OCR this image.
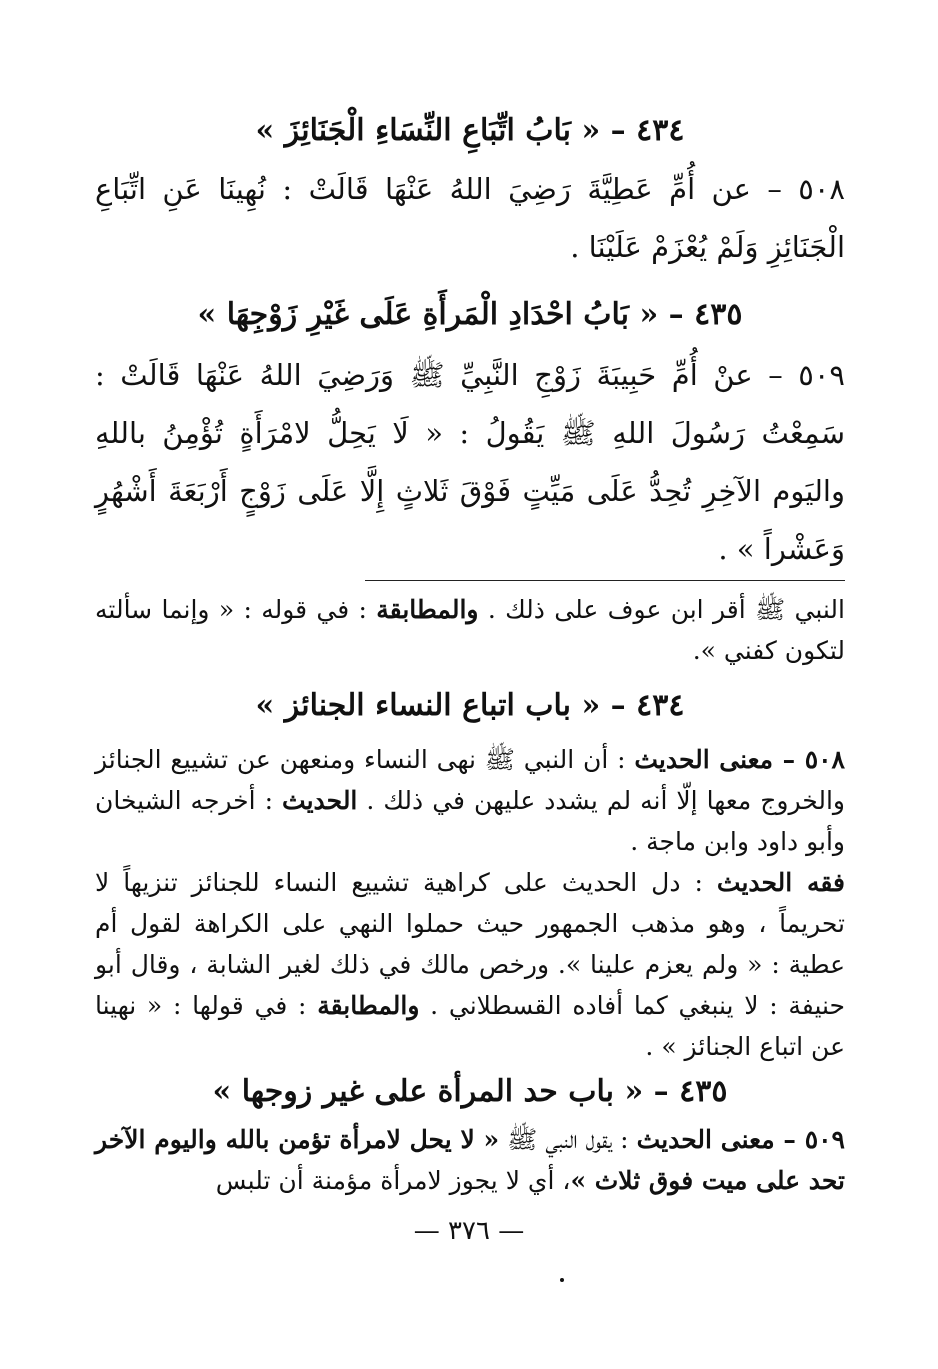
٤٣٤ – « بَابُ اتِّبَاعِ النِّسَاءِ الْجَنَائِزَ »

٥٠٨ – عن أُمِّ عَطِيَّةَ رَضِيَ اللهُ عَنْهَا قَالَتْ : نُهِينَا عَنِ اتِّبَاعِ الْجَنَائِزِ وَلَمْ يُعْزَمْ عَلَيْنَا .

٤٣٥ – « بَابُ احْدَادِ الْمَرأَةِ عَلَى غَيْرِ زَوْجِهَا »

٥٠٩ – عنْ أُمِّ حَبِيبَةَ زَوْجِ النَّبِيِّ ﷺ وَرَضِيَ اللهُ عَنْهَا قَالَتْ : سَمِعْتُ رَسُولَ اللهِ ﷺ يَقُولُ : « لَا يَحِلُّ لامْرَأَةٍ تُؤْمِنُ باللهِ واليَوم الآخِرِ تُحِدُّ عَلَى مَيِّتٍ فَوْقَ ثَلاثٍ إِلَّا عَلَى زَوْجٍ أَرْبَعَةَ أَشْهُرٍ وَعَشْراً » .

النبي ﷺ أقر ابن عوف على ذلك . والمطابقة : في قوله : « وإنما سألته لتكون كفني ».

٤٣٤ – « باب اتباع النساء الجنائز »

٥٠٨ – معنى الحديث : أن النبي ﷺ نهى النساء ومنعهن عن تشييع الجنائز والخروج معها إلّا أنه لم يشدد عليهن في ذلك . الحديث : أخرجه الشيخان وأبو داود وابن ماجة .

فقه الحديث : دل الحديث على كراهية تشييع النساء للجنائز تنزيهاً لا تحريماً ، وهو مذهب الجمهور حيث حملوا النهي على الكراهة لقول أم عطية : « ولم يعزم علينا ». ورخص مالك في ذلك لغير الشابة ، وقال أبو حنيفة : لا ينبغي كما أفاده القسطلاني . والمطابقة : في قولها : « نهينا عن اتباع الجنائز » .

٤٣٥ – « باب حد المرأة على غير زوجها »

٥٠٩ – معنى الحديث : يقول النبي ﷺ « لا يحل لامرأة تؤمن بالله واليوم الآخر تحد على ميت فوق ثلاث »، أي لا يجوز لامرأة مؤمنة أن تلبس

— ٣٧٦ —
